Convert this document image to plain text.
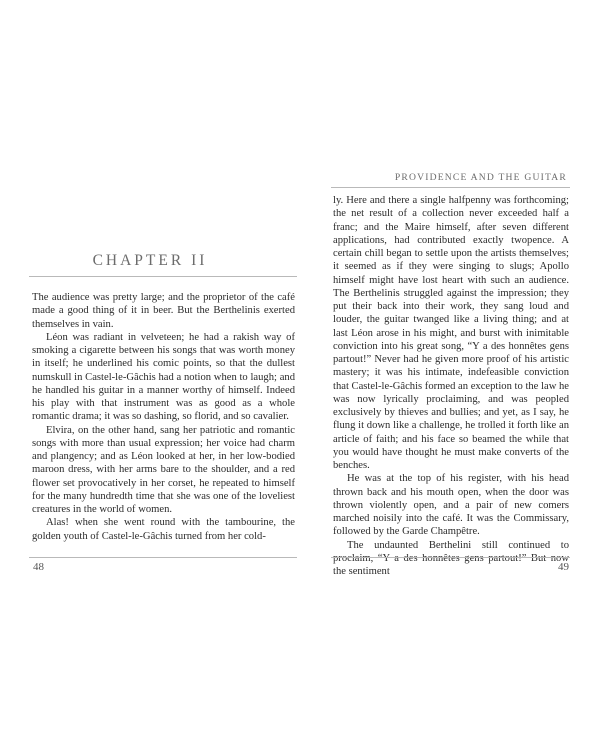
CHAPTER II

The audience was pretty large; and the proprietor of the café made a good thing of it in beer. But the Berthelinis exerted themselves in vain.

Léon was radiant in velveteen; he had a rakish way of smoking a cigarette between his songs that was worth money in itself; he underlined his comic points, so that the dullest numskull in Castel-le-Gâchis had a notion when to laugh; and he handled his guitar in a manner worthy of himself. Indeed his play with that instrument was as good as a whole romantic drama; it was so dashing, so florid, and so cavalier.

Elvira, on the other hand, sang her patriotic and romantic songs with more than usual expression; her voice had charm and plangency; and as Léon looked at her, in her low-bodied maroon dress, with her arms bare to the shoulder, and a red flower set provocatively in her corset, he repeated to himself for the many hundredth time that she was one of the loveliest creatures in the world of women.

Alas! when she went round with the tambourine, the golden youth of Castel-le-Gâchis turned from her cold-

48
PROVIDENCE AND THE GUITAR

ly. Here and there a single halfpenny was forthcoming; the net result of a collection never exceeded half a franc; and the Maire himself, after seven different applications, had contributed exactly twopence. A certain chill began to settle upon the artists themselves; it seemed as if they were singing to slugs; Apollo himself might have lost heart with such an audience. The Berthelinis struggled against the impression; they put their back into their work, they sang loud and louder, the guitar twanged like a living thing; and at last Léon arose in his might, and burst with inimitable conviction into his great song, “Y a des honnêtes gens partout!” Never had he given more proof of his artistic mastery; it was his intimate, indefeasible conviction that Castel-le-Gâchis formed an exception to the law he was now lyrically proclaiming, and was peopled exclusively by thieves and bullies; and yet, as I say, he flung it down like a challenge, he trolled it forth like an article of faith; and his face so beamed the while that you would have thought he must make converts of the benches.

He was at the top of his register, with his head thrown back and his mouth open, when the door was thrown violently open, and a pair of new comers marched noisily into the café. It was the Commissary, followed by the Garde Champêtre.

The undaunted Berthelini still continued to proclaim, “Y a des honnêtes gens partout!” But now the sentiment	49
